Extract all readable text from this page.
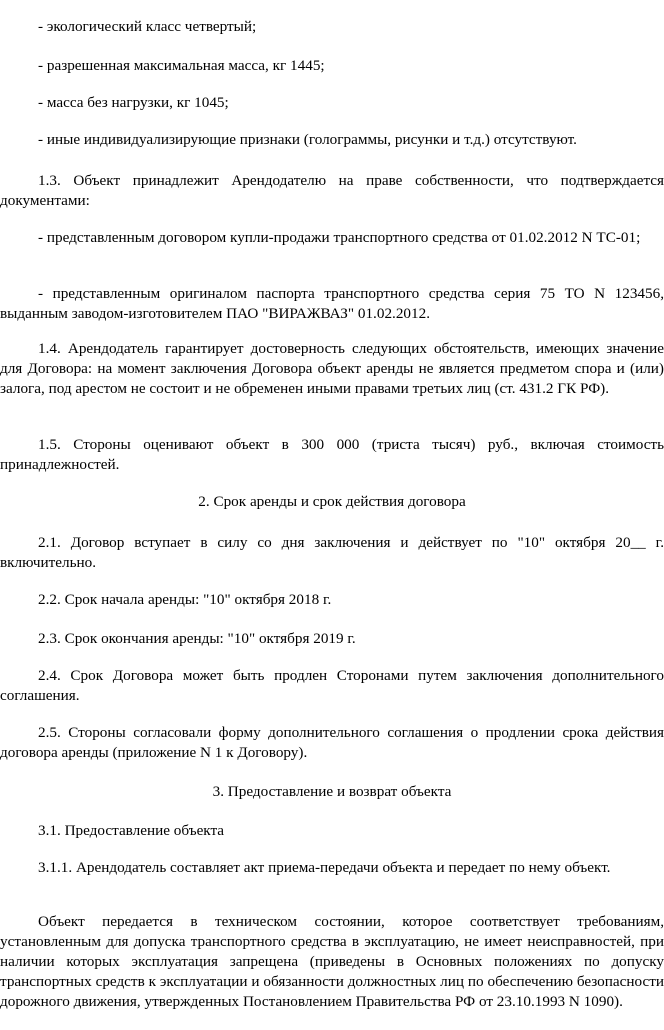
- экологический класс четвертый;

- разрешенная максимальная масса, кг 1445;

- масса без нагрузки, кг 1045;

- иные индивидуализирующие признаки (голограммы, рисунки и т.д.) отсутствуют.

1.3. Объект принадлежит Арендодателю на праве собственности, что подтверждается документами:

- представленным договором купли-продажи транспортного средства от 01.02.2012 N ТС-01;

- представленным оригиналом паспорта транспортного средства серия 75 ТО N 123456, выданным заводом-изготовителем ПАО "ВИРАЖВАЗ" 01.02.2012.

1.4. Арендодатель гарантирует достоверность следующих обстоятельств, имеющих значение для Договора: на момент заключения Договора объект аренды не является предметом спора и (или) залога, под арестом не состоит и не обременен иными правами третьих лиц (ст. 431.2 ГК РФ).

1.5. Стороны оценивают объект в 300 000 (триста тысяч) руб., включая стоимость принадлежностей.

2. Срок аренды и срок действия договора

2.1. Договор вступает в силу со дня заключения и действует по "10" октября 20__ г. включительно.

2.2. Срок начала аренды: "10" октября 2018 г.

2.3. Срок окончания аренды: "10" октября 2019 г.

2.4. Срок Договора может быть продлен Сторонами путем заключения дополнительного соглашения.

2.5. Стороны согласовали форму дополнительного соглашения о продлении срока действия договора аренды (приложение N 1 к Договору).

3. Предоставление и возврат объекта

3.1. Предоставление объекта

3.1.1. Арендодатель составляет акт приема-передачи объекта и передает по нему объект.

Объект передается в техническом состоянии, которое соответствует требованиям, установленным для допуска транспортного средства в эксплуатацию, не имеет неисправностей, при наличии которых эксплуатация запрещена (приведены в Основных положениях по допуску транспортных средств к эксплуатации и обязанности должностных лиц по обеспечению безопасности дорожного движения, утвержденных Постановлением Правительства РФ от 23.10.1993 N 1090).
